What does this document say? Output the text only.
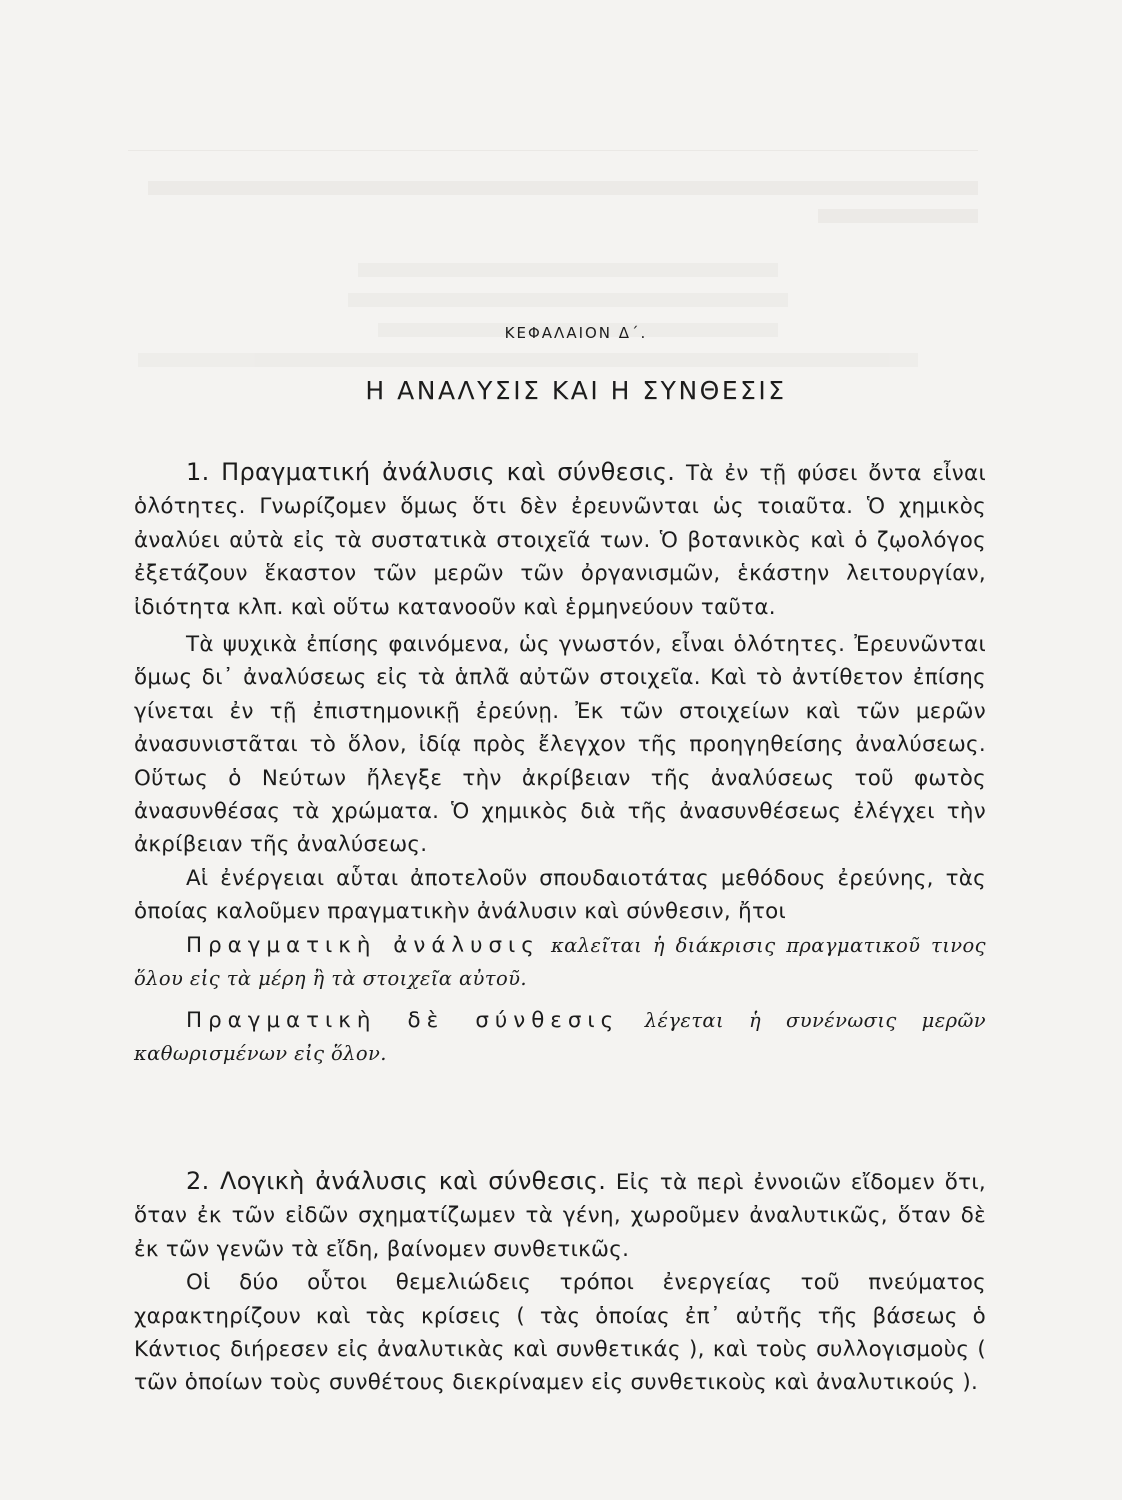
ΚΕΦΑΛΑΙΟΝ Δ΄.
Η ΑΝΑΛΥΣΙΣ ΚΑΙ Η ΣΥΝΘΕΣΙΣ

1. Πραγματική ἀνάλυσις καὶ σύνθεσις. Τὰ ἐν τῇ φύσει ὄντα εἶναι ὁλότητες. Γνωρίζομεν ὅμως ὅτι δὲν ἐρευνῶνται ὡς τοιαῦτα. Ὁ χημικὸς ἀναλύει αὐτὰ εἰς τὰ συστατικὰ στοιχεῖά των. Ὁ βοτανικὸς καὶ ὁ ζῳολόγος ἐξετάζουν ἕκαστον τῶν μερῶν τῶν ὀργανισμῶν, ἑκάστην λειτουργίαν, ἰδιότητα κλπ. καὶ οὕτω κατανοοῦν καὶ ἑρμηνεύουν ταῦτα.

Τὰ ψυχικὰ ἐπίσης φαινόμενα, ὡς γνωστόν, εἶναι ὁλότητες. Ἐρευνῶνται ὅμως δι᾿ ἀναλύσεως εἰς τὰ ἁπλᾶ αὐτῶν στοιχεῖα. Καὶ τὸ ἀντίθετον ἐπίσης γίνεται ἐν τῇ ἐπιστημονικῇ ἐρεύνῃ. Ἐκ τῶν στοιχείων καὶ τῶν μερῶν ἀνασυνιστᾶται τὸ ὅλον, ἰδίᾳ πρὸς ἔλεγχον τῆς προηγηθείσης ἀναλύσεως. Οὕτως ὁ Νεύτων ἤλεγξε τὴν ἀκρίβειαν τῆς ἀναλύσεως τοῦ φωτὸς ἀνασυνθέσας τὰ χρώματα. Ὁ χημικὸς διὰ τῆς ἀνασυνθέσεως ἐλέγχει τὴν ἀκρίβειαν τῆς ἀναλύσεως.

Αἱ ἐνέργειαι αὗται ἀποτελοῦν σπουδαιοτάτας μεθόδους ἐρεύνης, τὰς ὁποίας καλοῦμεν πραγματικὴν ἀνάλυσιν καὶ σύνθεσιν, ἤτοι

Πραγματικὴ ἀνάλυσις καλεῖται ἡ διάκρισις πραγματικοῦ τινος ὅλου εἰς τὰ μέρη ἢ τὰ στοιχεῖα αὐτοῦ.

Πραγματικὴ δὲ σύνθεσις λέγεται ἡ συνένωσις μερῶν καθωρισμένων εἰς ὅλον.

2. Λογικὴ ἀνάλυσις καὶ σύνθεσις. Εἰς τὰ περὶ ἐννοιῶν εἴδομεν ὅτι, ὅταν ἐκ τῶν εἰδῶν σχηματίζωμεν τὰ γένη, χωροῦμεν ἀναλυτικῶς, ὅταν δὲ ἐκ τῶν γενῶν τὰ εἴδη, βαίνομεν συνθετικῶς.

Οἱ δύο οὗτοι θεμελιώδεις τρόποι ἐνεργείας τοῦ πνεύματος χαρακτηρίζουν καὶ τὰς κρίσεις ( τὰς ὁποίας ἐπ᾿ αὐτῆς τῆς βάσεως ὁ Κάντιος διήρεσεν εἰς ἀναλυτικὰς καὶ συνθετικάς ), καὶ τοὺς συλλογισμοὺς ( τῶν ὁποίων τοὺς συνθέτους διεκρίναμεν εἰς συνθετικοὺς καὶ ἀναλυτικούς ).
